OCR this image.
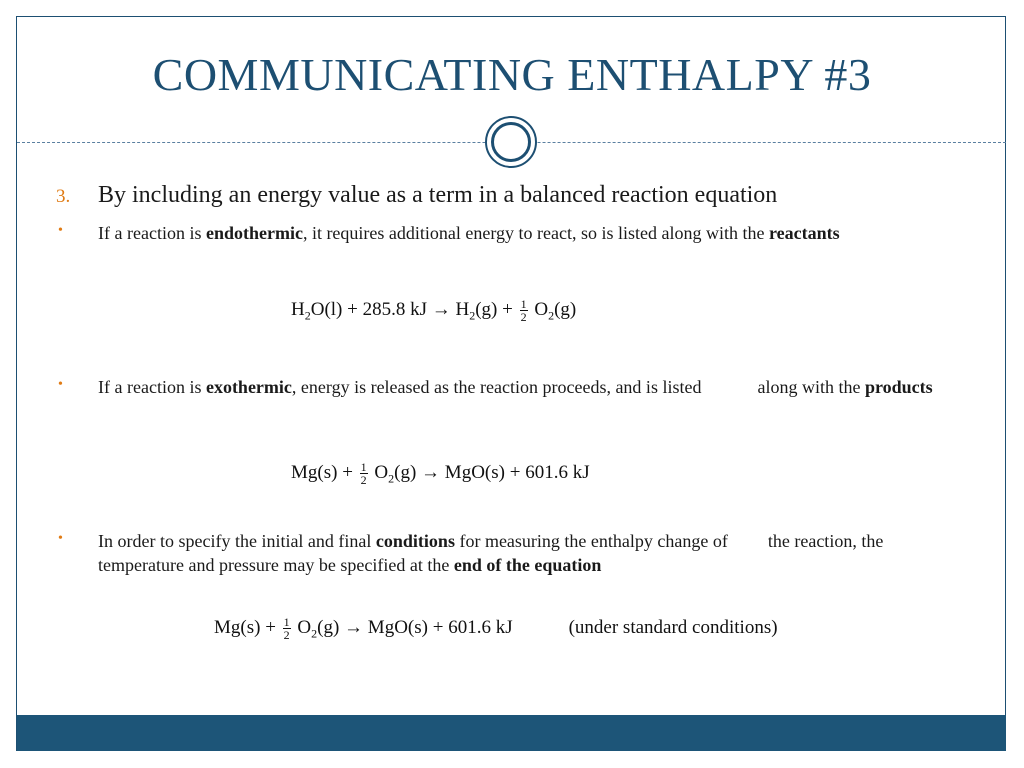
COMMUNICATING ENTHALPY #3
3. By including an energy value as a term in a balanced reaction equation
• If a reaction is endothermic, it requires additional energy to react, so is listed along with the reactants
$H_2O(l) + 285.8$ kJ → $H_2(g) + \frac{1}{2} O_2(g)$
• If a reaction is exothermic, energy is released as the reaction proceeds, and is listed	along with the products
$Mg(s) + \frac{1}{2} O_2(g) \to MgO(s) + 601.6$ kJ
• In order to specify the initial and final conditions for measuring the enthalpy change of the reaction, the temperature and pressure may be specified at the end of the equation
$Mg(s) + \frac{1}{2} O_2(g) \to MgO(s) + 601.6$ kJ	(under standard conditions)
